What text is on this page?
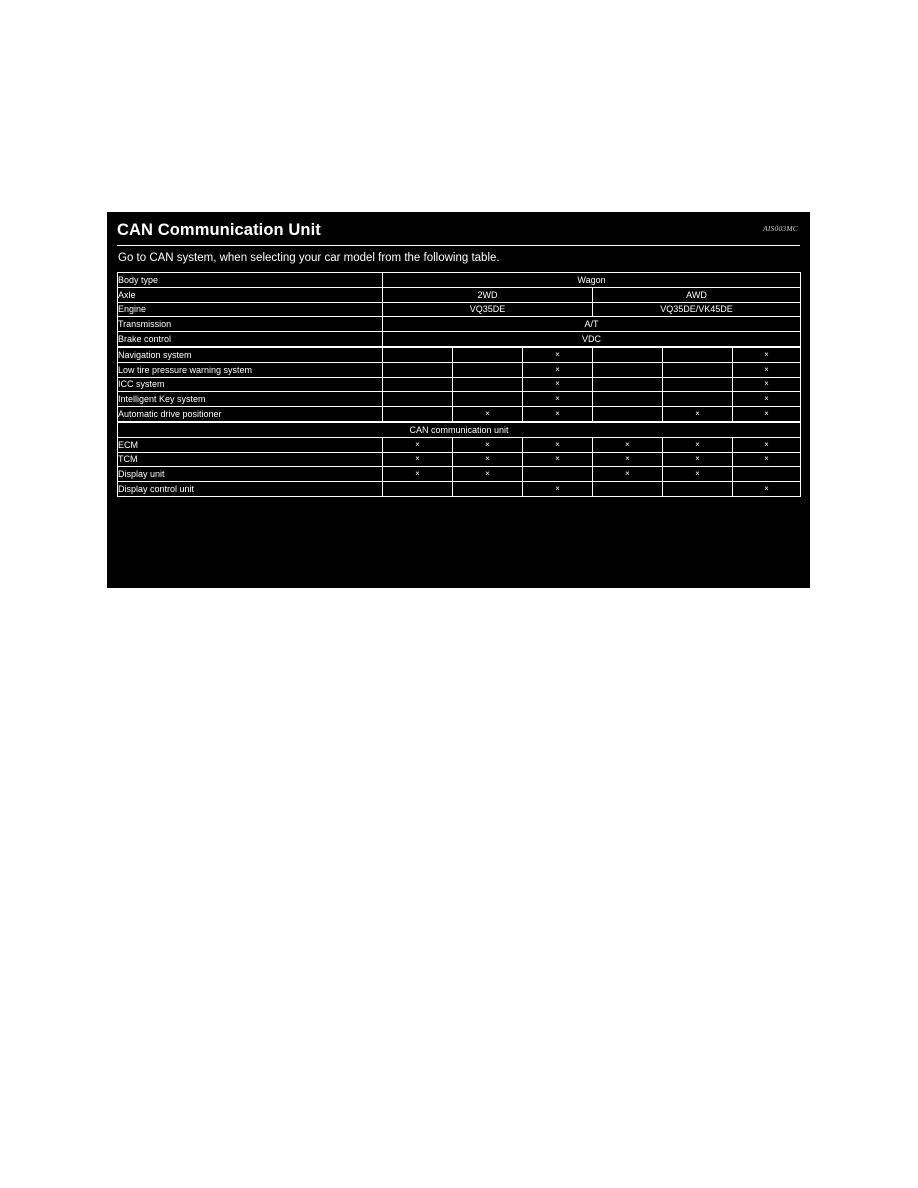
CAN Communication Unit	AIS003MC

Go to CAN system, when selecting your car model from the following table.

Body type	Wagon					
Axle	2WD			AWD		
Engine	VQ35DE			VQ35DE/VK45DE		
Transmission	A/T					
Brake control	VDC					
Navigation system			×			×
Low tire pressure warning system			×			×
ICC system			×			×
Intelligent Key system			×			×
Automatic drive positioner		×	×		×	×
CAN communication unit						
ECM	×	×	×	×	×	×
TCM	×	×	×	×	×	×
Display unit	×	×		×	×	
Display control unit			×			×
